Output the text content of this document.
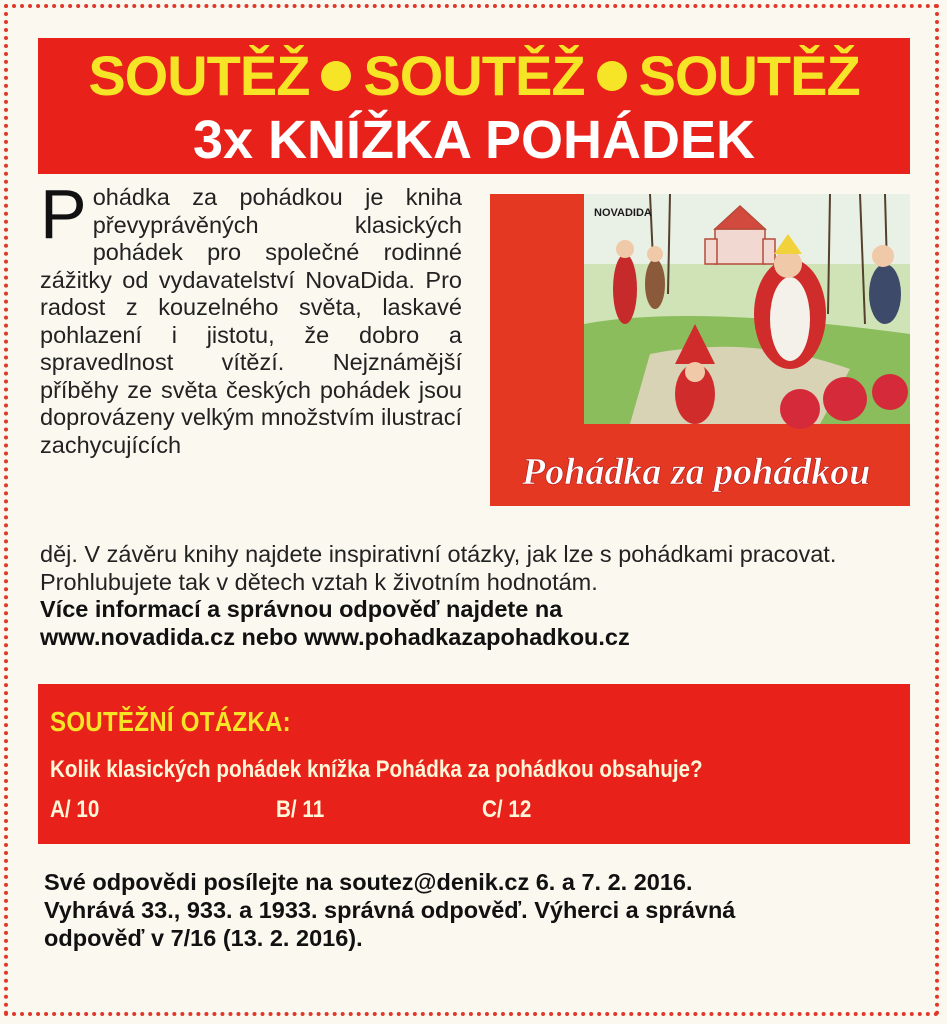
SOUTĚŽ SOUTĚŽ SOUTĚŽ
3x KNÍŽKA POHÁDEK
Pohádka za pohádkou je kniha převyprávěných klasických pohádek pro společné rodinné zážitky od vydavatelství NovaDida. Pro radost z kouzelného světa, laskavé pohlazení i jistotu, že dobro a spravedlnost vítězí. Nejznámější příběhy ze světa českých pohádek jsou doprovázeny velkým množstvím ilustrací zachycujících
NOVADIDA
Pohádka za pohádkou

děj. V závěru knihy najdete inspirativní otázky, jak lze s pohádkami pracovat. Prohlubujete tak v dětech vztah k životním hodnotám.

Více informací a správnou odpověď najdete na

www.novadida.cz nebo www.pohadkazapohadkou.cz

SOUTĚŽNÍ OTÁZKA:
Kolik klasických pohádek knížka Pohádka za pohádkou obsahuje?
A/ 10	B/ 11	C/ 12
Své odpovědi posílejte na soutez@denik.cz 6. a 7. 2. 2016.
Vyhrává 33., 933. a 1933. správná odpověď. Výherci a správná
odpověď v 7/16 (13. 2. 2016).
